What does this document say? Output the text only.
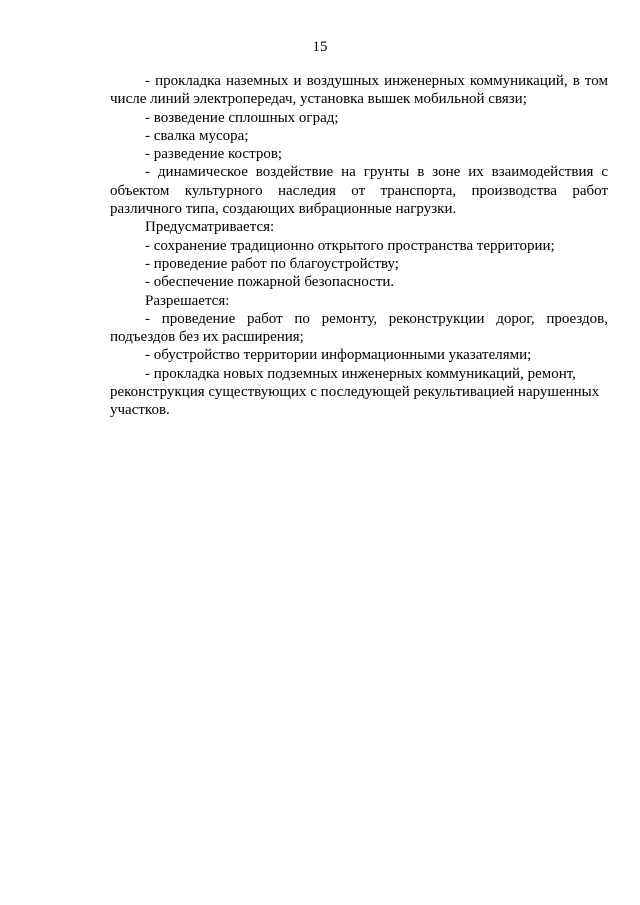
15

- прокладка наземных и воздушных инженерных коммуникаций, в том числе линий электропередач, установка вышек мобильной связи;

- возведение сплошных оград;

- свалка мусора;

- разведение костров;

- динамическое воздействие на грунты в зоне их взаимодействия с объектом культурного наследия от транспорта, производства работ различного типа, создающих вибрационные нагрузки.

Предусматривается:

- сохранение традиционно открытого пространства территории;

- проведение работ по благоустройству;

- обеспечение пожарной безопасности.

Разрешается:

- проведение работ по ремонту, реконструкции дорог, проездов, подъездов без их расширения;

- обустройство территории информационными указателями;

- прокладка новых подземных инженерных коммуникаций, ремонт, реконструкция существующих с последующей рекультивацией нарушенных участков.
